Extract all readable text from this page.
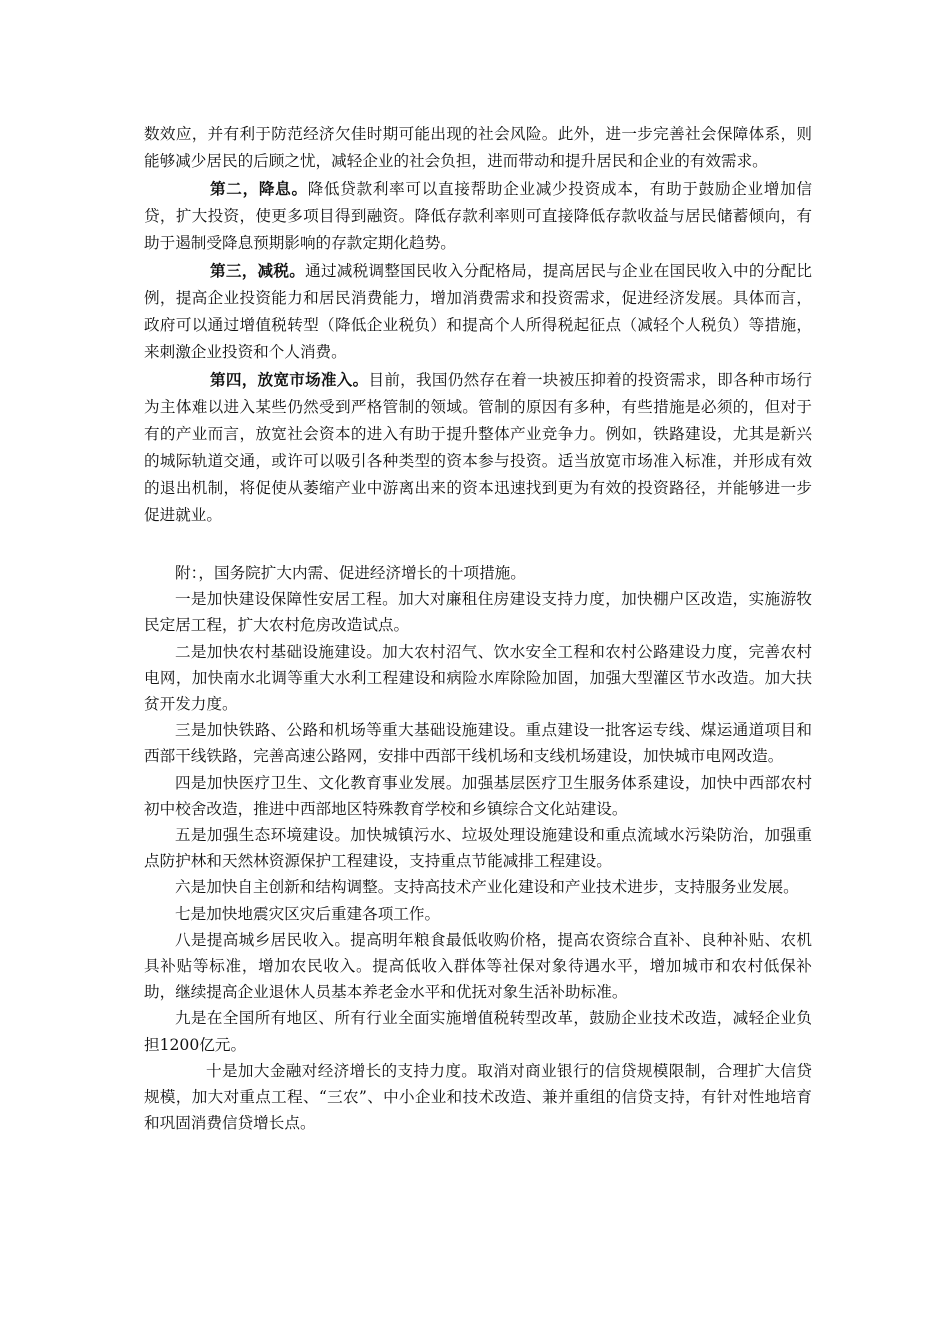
数效应，并有利于防范经济欠佳时期可能出现的社会风险。此外，进一步完善社会保障体系，则能够减少居民的后顾之忧，减轻企业的社会负担，进而带动和提升居民和企业的有效需求。

第二，降息。降低贷款利率可以直接帮助企业减少投资成本，有助于鼓励企业增加信贷，扩大投资，使更多项目得到融资。降低存款利率则可直接降低存款收益与居民储蓄倾向，有助于遏制受降息预期影响的存款定期化趋势。

第三，减税。通过减税调整国民收入分配格局，提高居民与企业在国民收入中的分配比例，提高企业投资能力和居民消费能力，增加消费需求和投资需求，促进经济发展。具体而言，政府可以通过增值税转型（降低企业税负）和提高个人所得税起征点（减轻个人税负）等措施，来刺激企业投资和个人消费。

第四，放宽市场准入。目前，我国仍然存在着一块被压抑着的投资需求，即各种市场行为主体难以进入某些仍然受到严格管制的领域。管制的原因有多种，有些措施是必须的，但对于有的产业而言，放宽社会资本的进入有助于提升整体产业竞争力。例如，铁路建设，尤其是新兴的城际轨道交通，或许可以吸引各种类型的资本参与投资。适当放宽市场准入标准，并形成有效的退出机制，将促使从萎缩产业中游离出来的资本迅速找到更为有效的投资路径，并能够进一步促进就业。

附：，国务院扩大内需、促进经济增长的十项措施。

一是加快建设保障性安居工程。加大对廉租住房建设支持力度，加快棚户区改造，实施游牧民定居工程，扩大农村危房改造试点。

二是加快农村基础设施建设。加大农村沼气、饮水安全工程和农村公路建设力度，完善农村电网，加快南水北调等重大水利工程建设和病险水库除险加固，加强大型灌区节水改造。加大扶贫开发力度。

三是加快铁路、公路和机场等重大基础设施建设。重点建设一批客运专线、煤运通道项目和西部干线铁路，完善高速公路网，安排中西部干线机场和支线机场建设，加快城市电网改造。

四是加快医疗卫生、文化教育事业发展。加强基层医疗卫生服务体系建设，加快中西部农村初中校舍改造，推进中西部地区特殊教育学校和乡镇综合文化站建设。

五是加强生态环境建设。加快城镇污水、垃圾处理设施建设和重点流域水污染防治，加强重点防护林和天然林资源保护工程建设，支持重点节能减排工程建设。

六是加快自主创新和结构调整。支持高技术产业化建设和产业技术进步，支持服务业发展。

七是加快地震灾区灾后重建各项工作。

八是提高城乡居民收入。提高明年粮食最低收购价格，提高农资综合直补、良种补贴、农机具补贴等标准，增加农民收入。提高低收入群体等社保对象待遇水平，增加城市和农村低保补助，继续提高企业退休人员基本养老金水平和优抚对象生活补助标准。

九是在全国所有地区、所有行业全面实施增值税转型改革，鼓励企业技术改造，减轻企业负担1200亿元。

十是加大金融对经济增长的支持力度。取消对商业银行的信贷规模限制，合理扩大信贷规模，加大对重点工程、“三农”、中小企业和技术改造、兼并重组的信贷支持，有针对性地培育和巩固消费信贷增长点。
